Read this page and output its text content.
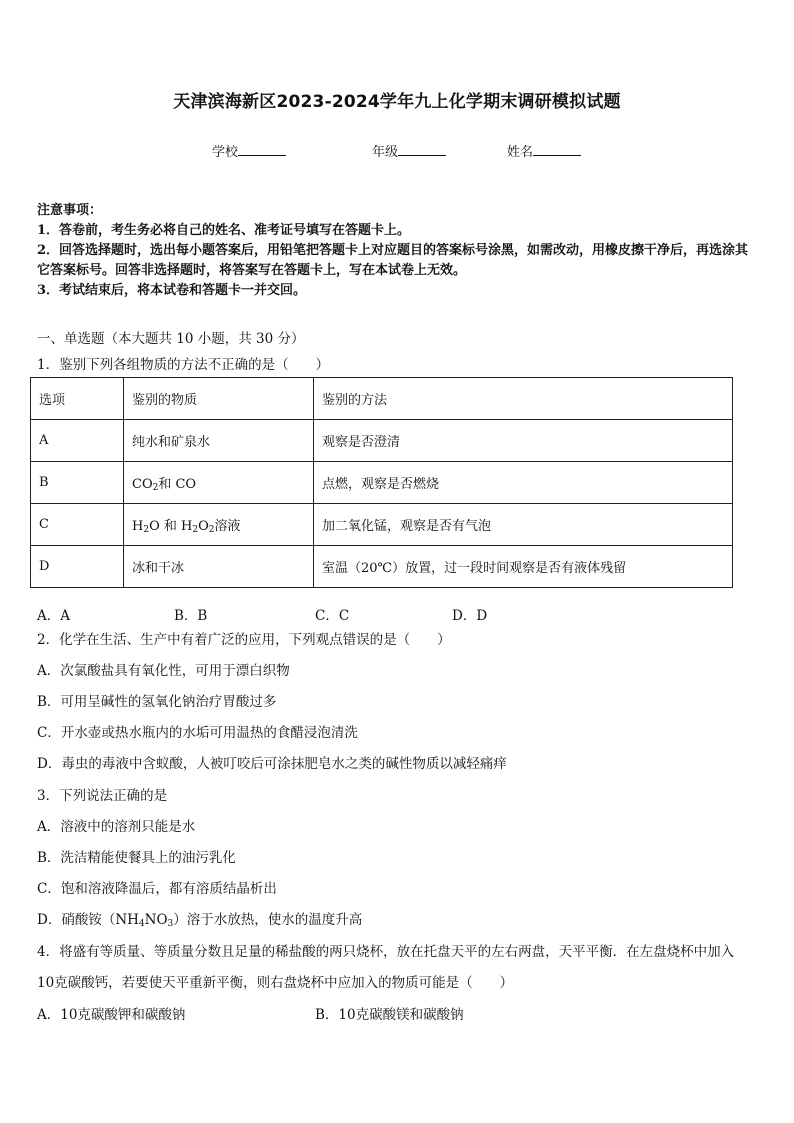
天津滨海新区2023-2024学年九上化学期末调研模拟试题
学校	年级	姓名

注意事项：

1．答卷前，考生务必将自己的姓名、准考证号填写在答题卡上。

2．回答选择题时，选出每小题答案后，用铅笔把答题卡上对应题目的答案标号涂黑，如需改动，用橡皮擦干净后，再选涂其它答案标号。回答非选择题时，将答案写在答题卡上，写在本试卷上无效。

3．考试结束后，将本试卷和答题卡一并交回。

一、单选题（本大题共 10 小题，共 30 分）
1．鉴别下列各组物质的方法不正确的是（　　）
选项	鉴别的物质	鉴别的方法
A	纯水和矿泉水	观察是否澄清
B	$CO_2$和 CO	点燃，观察是否燃烧
C	$H_2O$ 和 $H_2O_2$溶液	加二氧化锰，观察是否有气泡
D	冰和干冰	室温（20℃）放置，过一段时间观察是否有液体残留
A．A	B．B	C．C	D．D
2．化学在生活、生产中有着广泛的应用，下列观点错误的是（　　）
A．次氯酸盐具有氧化性，可用于漂白织物
B．可用呈碱性的氢氧化钠治疗胃酸过多
C．开水壶或热水瓶内的水垢可用温热的食醋浸泡清洗
D．毒虫的毒液中含蚁酸，人被叮咬后可涂抹肥皂水之类的碱性物质以减轻痛痒
3．下列说法正确的是
A．溶液中的溶剂只能是水
B．洗洁精能使餐具上的油污乳化
C．饱和溶液降温后，都有溶质结晶析出
D．硝酸铵$(NH_4NO_3)$溶于水放热，使水的温度升高
4．将盛有等质量、等质量分数且足量的稀盐酸的两只烧杯，放在托盘天平的左右两盘，天平平衡．在左盘烧杯中加入
10克碳酸钙，若要使天平重新平衡，则右盘烧杯中应加入的物质可能是（　　）
A．10克碳酸钾和碳酸钠	B．10克碳酸镁和碳酸钠
